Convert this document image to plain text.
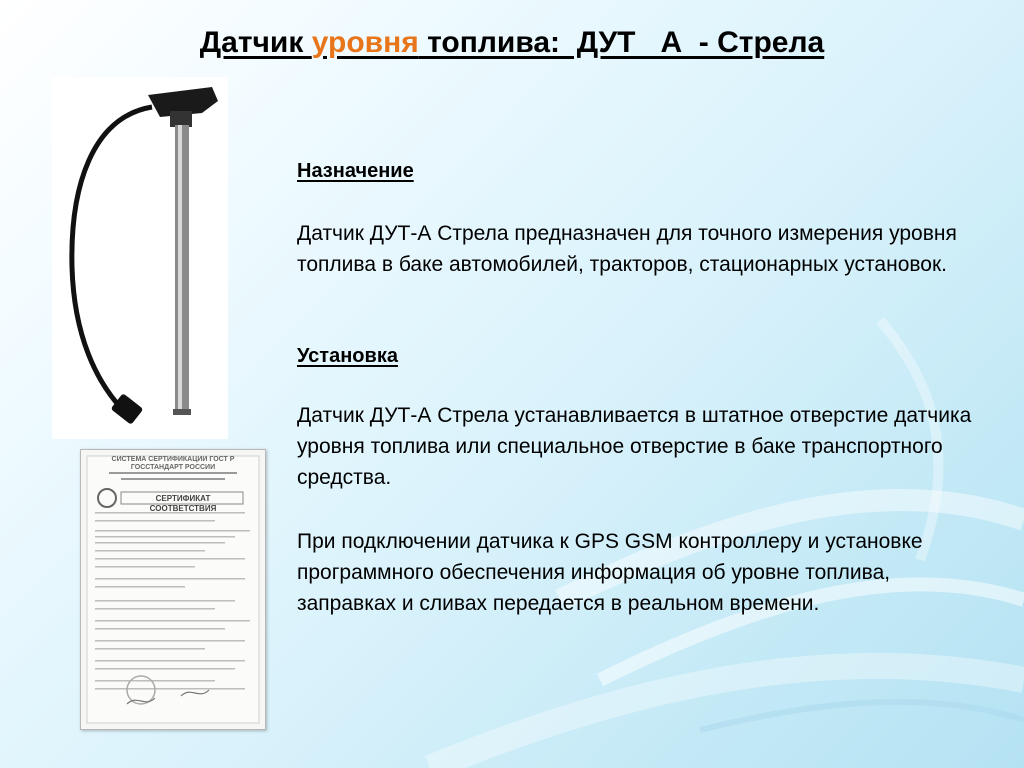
Датчик уровня топлива:  ДУТ   А  - Стрела
СИСТЕМА СЕРТИФИКАЦИИ ГОСТ Р
ГОССТАНДАРТ РОССИИ
СЕРТИФИКАТ СООТВЕТСТВИЯ
Назначение
Датчик ДУТ-А Стрела предназначен для точного измерения уровня топлива в баке автомобилей, тракторов, стационарных установок.
Установка
Датчик ДУТ-А Стрела устанавливается в штатное отверстие датчика уровня топлива или специальное отверстие в баке транспортного средства.
При подключении датчика к GPS GSM контроллеру и установке программного обеспечения информация об уровне топлива, заправках и сливах передается в реальном времени.
